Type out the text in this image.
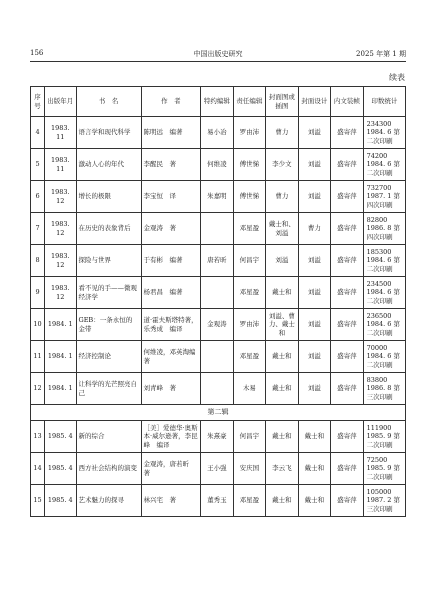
156	中国出版史研究	2025 年第 1 期
续表
序号	出版年月	书　名	作　者	特约编辑	责任编辑	封面图或插图	封面设计	内文装帧	印数统计
4	1983. 11	语言学和现代科学	陈明远　编著	易小冶	罗由沛	曹力	刘溢	盛寄萍	234300 1984. 6 第二次印刷
5	1983. 11	激动人心的年代	李醒民　著	何维凌	傅世悌	李少文	刘溢	盛寄萍	74200 1984. 6 第二次印刷
6	1983. 12	增长的极限	李宝恒　译	朱嘉明	傅世悌	曹力	刘溢	盛寄萍	732700 1987. 1 第四次印刷
7	1983. 12	在历史的表象背后	金观涛　著		邓星盈	戴士和、刘溢	曹力	盛寄萍	82800 1986. 8 第四次印刷
8	1983. 12	探险与世界	于有彬　编著	唐若昕	何昌宇	刘溢	刘溢	盛寄萍	185300 1984. 6 第二次印刷
9	1983. 12	看不见的手——微观经济学	杨君昌　编著		邓星盈	戴士和	刘溢	盛寄萍	234500 1984. 6 第二次印刷
10	1984. 1	GEB：一条永恒的金带	道·霍夫斯塔特著，乐秀成　编译	金观涛	罗由沛	刘溢、曹力、戴士和	刘溢	盛寄萍	236500 1984. 6 第二次印刷
11	1984. 1	经济控制论	何维凌，邓英淘编著		邓星盈	戴士和	刘溢	盛寄萍	70000 1984. 6 第二次印刷
12	1984. 1	让科学的光芒照亮自己	刘青峰　著		木易	戴士和	刘溢	盛寄萍	83800 1986. 8 第三次印刷
第二辑									
13	1985. 4	新的综合	［美］爱德华·奥斯本·威尔逊著，李昆峰　编译	朱熹豪	何昌宇	戴士和	戴士和	盛寄萍	111900 1985. 9 第二次印刷
14	1985. 4	西方社会结构的演变	金观涛，唐若昕　著	王小强	安庆国	李云飞	戴士和	盛寄萍	72500 1985. 9 第二次印刷
15	1985. 4	艺术魅力的探寻	林兴宅　著	董秀玉	邓星盈	戴士和	戴士和	盛寄萍	105000 1987. 2 第三次印刷
